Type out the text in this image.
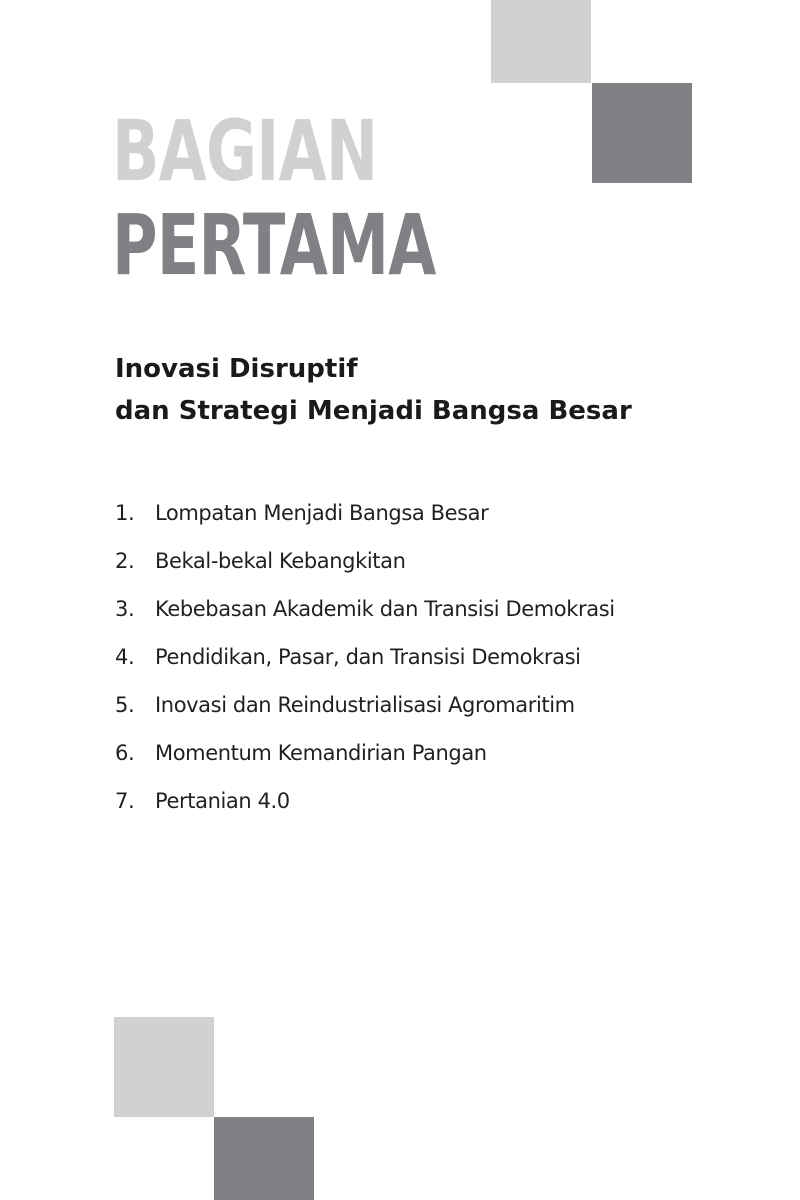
BAGIAN
PERTAMA
Inovasi Disruptif
dan Strategi Menjadi Bangsa Besar
1. Lompatan Menjadi Bangsa Besar
2. Bekal-bekal Kebangkitan
3. Kebebasan Akademik dan Transisi Demokrasi
4. Pendidikan, Pasar, dan Transisi Demokrasi
5. Inovasi dan Reindustrialisasi Agromaritim
6. Momentum Kemandirian Pangan
7. Pertanian 4.0
